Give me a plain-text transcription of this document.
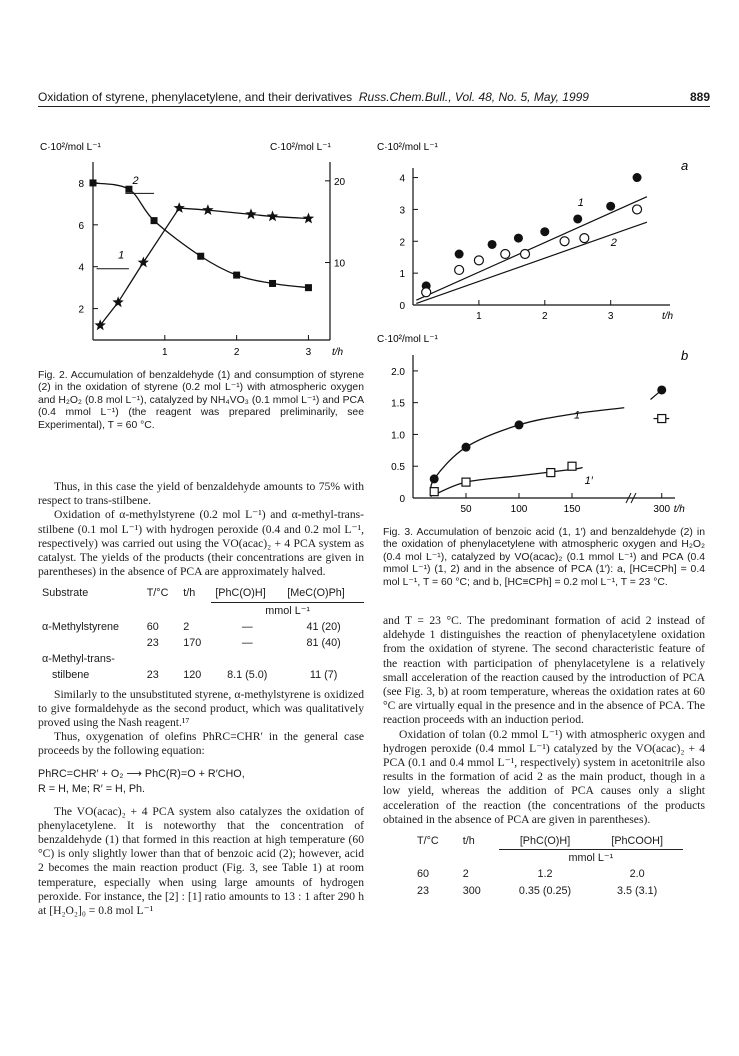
Oxidation of styrene, phenylacetylene, and their derivatives Russ.Chem.Bull., Vol. 48, No. 5, May, 1999	889
C·10²/mol L⁻¹	C·10²/mol L⁻¹
2
4
6
8
10
20
1	2	3 t/h
2
1
Fig. 2. Accumulation of benzaldehyde (1) and consumption of styrene (2) in the oxidation of styrene (0.2 mol L⁻¹) with atmospheric oxygen and H₂O₂ (0.8 mol L⁻¹), catalyzed by NH₄VO₃ (0.1 mmol L⁻¹) and PCA (0.4 mmol L⁻¹) (the reagent was prepared preliminarily, see Experimental), T = 60 °C.
C·10²/mol L⁻¹
a
C·10²/mol L⁻¹
b
0
1
2
3
4
1	2	3	t/h
1
2
0
0.5
1.0
1.5
2.0
50	100	150	300 t/h
1
1′
Fig. 3. Accumulation of benzoic acid (1, 1′) and benzaldehyde (2) in the oxidation of phenylacetylene with atmospheric oxygen and H₂O₂ (0.4 mol L⁻¹), catalyzed by VO(acac)₂ (0.1 mmol L⁻¹) and PCA (0.4 mmol L⁻¹) (1, 2) and in the absence of PCA (1′): a, [HC≡CPh] = 0.4 mol L⁻¹, T = 60 °C; and b, [HC≡CPh] = 0.2 mol L⁻¹, T = 23 °C.

Thus, in this case the yield of benzaldehyde amounts to 75% with respect to trans-stilbene.

Oxidation of α-methylstyrene (0.2 mol L⁻¹) and α-methyl-trans-stilbene (0.1 mol L⁻¹) with hydrogen peroxide (0.4 and 0.2 mol L⁻¹, respectively) was carried out using the VO(acac)₂ + 4 PCA system as catalyst. The yields of the products (their concentrations are given in parentheses) in the absence of PCA are approximately halved.

Substrate	T/°C	t/h	[PhC(O)H]	[MeC(O)Ph]
			mmol L⁻¹	
α-Methylstyrene	60	2	—	41 (20)
	23	170	—	81 (40)
α-Methyl-trans-				
stilbene	23	120	8.1 (5.0)	11 (7)

Similarly to the unsubstituted styrene, α-methylstyrene is oxidized to give formaldehyde as the second product, which was qualitatively proved using the Nash reagent.¹⁷

Thus, oxygenation of olefins PhRC=CHR′ in the general case proceeds by the following equation:

PhRC=CHR′ + O₂ ⟶ PhC(R)=O + R′CHO,
R = H, Me; R′ = H, Ph.

The VO(acac)₂ + 4 PCA system also catalyzes the oxidation of phenylacetylene. It is noteworthy that the concentration of benzaldehyde (1) that formed in this reaction at high temperature (60 °C) is only slightly lower than that of benzoic acid (2); however, acid 2 becomes the main reaction product (Fig. 3, see Table 1) at room temperature, especially when using large amounts of hydrogen peroxide. For instance, the [2] : [1] ratio amounts to 13 : 1 after 290 h at [H₂O₂]₀ = 0.8 mol L⁻¹

and T = 23 °C. The predominant formation of acid 2 instead of aldehyde 1 distinguishes the reaction of phenylacetylene oxidation from the oxidation of styrene. The second characteristic feature of the reaction with participation of phenylacetylene is a relatively small acceleration of the reaction caused by the introduction of PCA (see Fig. 3, b) at room temperature, whereas the oxidation rates at 60 °C are virtually equal in the presence and in the absence of PCA. The reaction proceeds with an induction period.

Oxidation of tolan (0.2 mmol L⁻¹) with atmospheric oxygen and hydrogen peroxide (0.4 mmol L⁻¹) catalyzed by the VO(acac)₂ + 4 PCA (0.1 and 0.4 mmol L⁻¹, respectively) system in acetonitrile also results in the formation of acid 2 as the main product, though in a low yield, whereas the addition of PCA causes only a slight acceleration of the reaction (the concentrations of the products obtained in the absence of PCA are given in parentheses).

T/°C	t/h	[PhC(O)H]	[PhCOOH]
		mmol L⁻¹	
60	2	1.2	2.0
23	300	0.35 (0.25)	3.5 (3.1)
